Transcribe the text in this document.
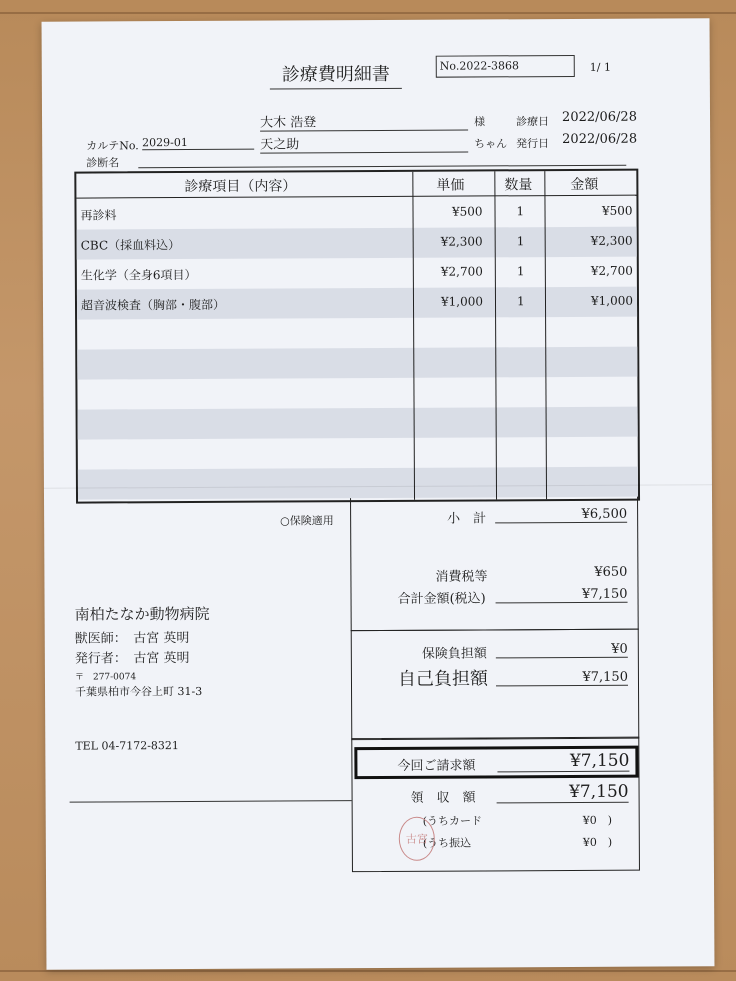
診療費明細書	No.2022-3868	1/ 1
大木 浩登	様	診療日 2022/06/28
カルテNo. 2029-01	天之助	ちゃん 発行日 2022/06/28
診断名
診療項目（内容）	単価	数量	金額
再診料	¥500	1	¥500
CBC（採血料込）	¥2,300	1	¥2,300
生化学（全身6項目）	¥2,700	1	¥2,700
超音波検査（胸部・腹部）	¥1,000	1	¥1,000
○保険適用	小　計	¥6,500
消費税等	¥650
合計金額(税込)	¥7,150
保険負担額	¥0
自己負担額	¥7,150
今回ご請求額	¥7,150
領　収　額	¥7,150
(うちカード	¥0　)
(うち振込	¥0　)
古宮
南柏たなか動物病院
獣医師：　古宮 英明
発行者：　古宮 英明
〒　277-0074
千葉県柏市今谷上町 31-3
TEL 04-7172-8321
